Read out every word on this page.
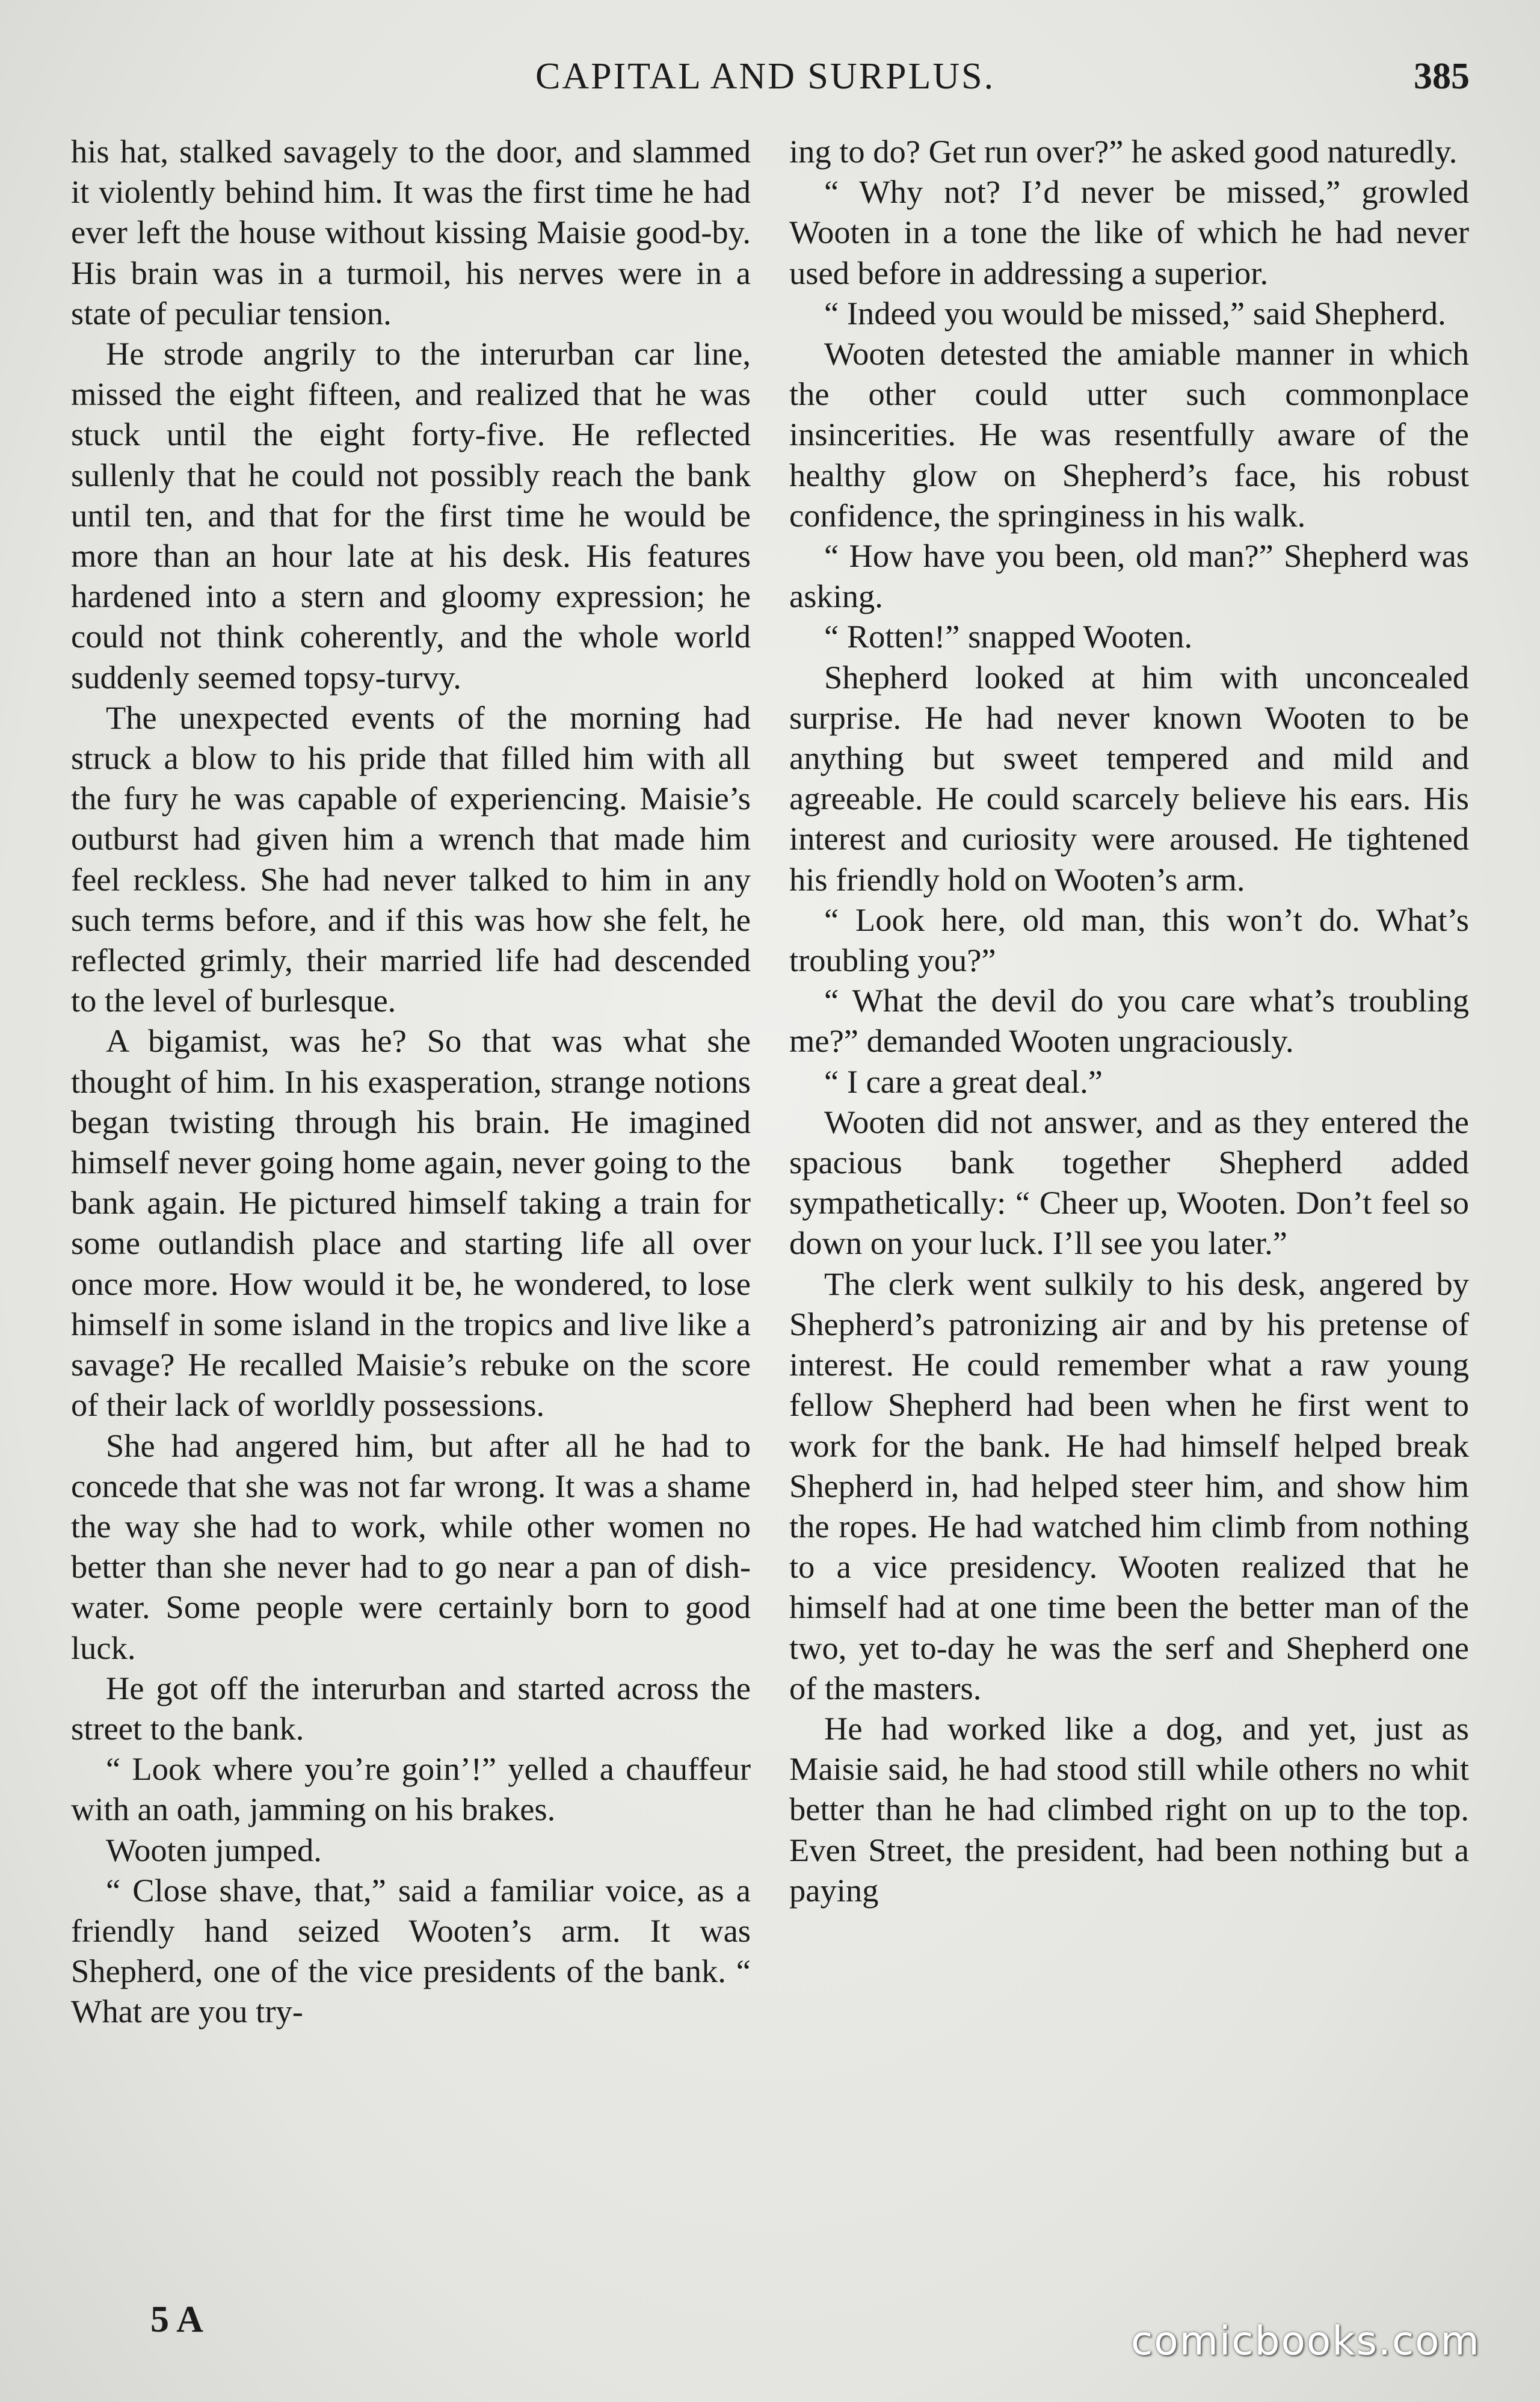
CAPITAL AND SURPLUS.	385

his hat, stalked savagely to the door, and slammed it violently behind him. It was the first time he had ever left the house without kissing Maisie good-by. His brain was in a turmoil, his nerves were in a state of peculiar tension.

He strode angrily to the interurban car line, missed the eight fifteen, and realized that he was stuck until the eight forty-five. He reflected sullenly that he could not possibly reach the bank until ten, and that for the first time he would be more than an hour late at his desk. His features hardened into a stern and gloomy expression; he could not think coherently, and the whole world suddenly seemed topsy-turvy.

The unexpected events of the morning had struck a blow to his pride that filled him with all the fury he was capable of experiencing. Maisie’s outburst had given him a wrench that made him feel reckless. She had never talked to him in any such terms before, and if this was how she felt, he reflected grimly, their married life had descended to the level of burlesque.

A bigamist, was he? So that was what she thought of him. In his exasperation, strange notions began twisting through his brain. He imagined himself never going home again, never going to the bank again. He pictured himself taking a train for some outlandish place and starting life all over once more. How would it be, he wondered, to lose himself in some island in the tropics and live like a savage? He recalled Maisie’s rebuke on the score of their lack of worldly possessions.

She had angered him, but after all he had to concede that she was not far wrong. It was a shame the way she had to work, while other women no better than she never had to go near a pan of dish-water. Some people were certainly born to good luck.

He got off the interurban and started across the street to the bank.

“ Look where you’re goin’!” yelled a chauffeur with an oath, jamming on his brakes.

Wooten jumped.

“ Close shave, that,” said a familiar voice, as a friendly hand seized Wooten’s arm. It was Shepherd, one of the vice presidents of the bank. “ What are you try-

ing to do? Get run over?” he asked good naturedly.

“ Why not? I’d never be missed,” growled Wooten in a tone the like of which he had never used before in addressing a superior.

“ Indeed you would be missed,” said Shepherd.

Wooten detested the amiable manner in which the other could utter such commonplace insincerities. He was resentfully aware of the healthy glow on Shepherd’s face, his robust confidence, the springiness in his walk.

“ How have you been, old man?” Shepherd was asking.

“ Rotten!” snapped Wooten.

Shepherd looked at him with unconcealed surprise. He had never known Wooten to be anything but sweet tempered and mild and agreeable. He could scarcely believe his ears. His interest and curiosity were aroused. He tightened his friendly hold on Wooten’s arm.

“ Look here, old man, this won’t do. What’s troubling you?”

“ What the devil do you care what’s troubling me?” demanded Wooten ungraciously.

“ I care a great deal.”

Wooten did not answer, and as they entered the spacious bank together Shepherd added sympathetically: “ Cheer up, Wooten. Don’t feel so down on your luck. I’ll see you later.”

The clerk went sulkily to his desk, angered by Shepherd’s patronizing air and by his pretense of interest. He could remember what a raw young fellow Shepherd had been when he first went to work for the bank. He had himself helped break Shepherd in, had helped steer him, and show him the ropes. He had watched him climb from nothing to a vice presidency. Wooten realized that he himself had at one time been the better man of the two, yet to-day he was the serf and Shepherd one of the masters.

He had worked like a dog, and yet, just as Maisie said, he had stood still while others no whit better than he had climbed right on up to the top. Even Street, the president, had been nothing but a paying

5 A	comicbooks.com
